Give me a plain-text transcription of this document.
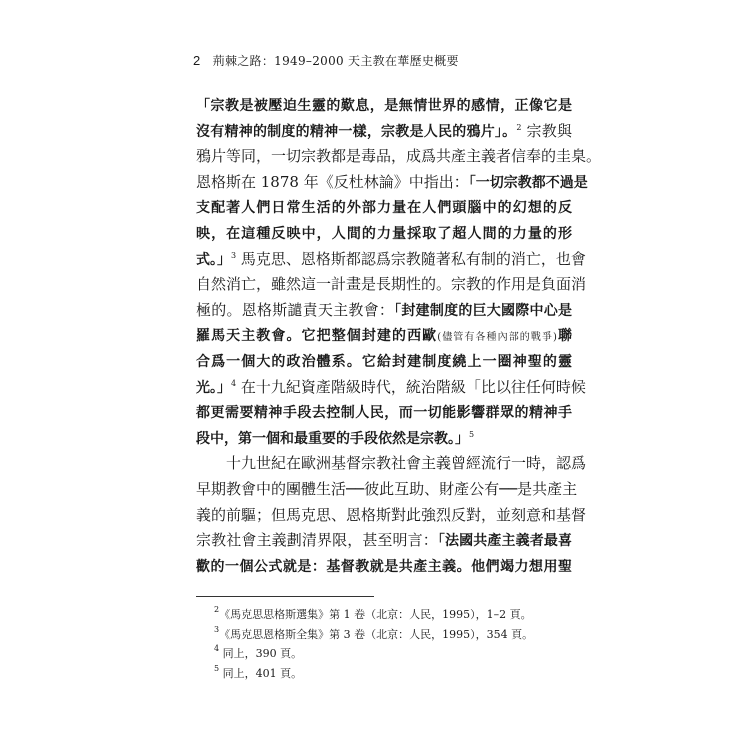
2 荊棘之路：1949–2000 天主教在華歷史概要
「宗教是被壓迫生靈的歎息，是無情世界的感情，正像它是
沒有精神的制度的精神一樣，宗教是人民的鴉片」。$^2$ 宗教與
鴉片等同，一切宗教都是毒品，成爲共產主義者信奉的圭臬。
恩格斯在 1878 年《反杜林論》中指出：「一切宗教都不過是
支配著人們日常生活的外部力量在人們頭腦中的幻想的反
映，在這種反映中，人間的力量採取了超人間的力量的形
式。」$^3$ 馬克思、恩格斯都認爲宗教隨著私有制的消亡，也會
自然消亡，雖然這一計畫是長期性的。宗教的作用是負面消
極的。恩格斯譴責天主教會：「封建制度的巨大國際中心是
羅馬天主教會。它把整個封建的西歐(儘管有各種內部的戰爭)聯
合爲一個大的政治體系。它給封建制度繞上一圈神聖的靈
光。」$^4$ 在十九紀資產階級時代，統治階級「比以往任何時候
都更需要精神手段去控制人民，而一切能影響群眾的精神手
段中，第一個和最重要的手段依然是宗教。」$^5$
十九世紀在歐洲基督宗教社會主義曾經流行一時，認爲
早期教會中的團體生活──彼此互助、財產公有──是共產主
義的前驅；但馬克思、恩格斯對此強烈反對，並刻意和基督
宗教社會主義劃清界限，甚至明言：「法國共產主義者最喜
歡的一個公式就是：基督教就是共產主義。他們竭力想用聖
$^2$《馬克思思格斯選集》第 1 卷（北京：人民，1995），1–2 頁。
$^3$《馬克思恩格斯全集》第 3 卷（北京：人民，1995），354 頁。
$^4$ 同上，390 頁。
$^5$ 同上，401 頁。
